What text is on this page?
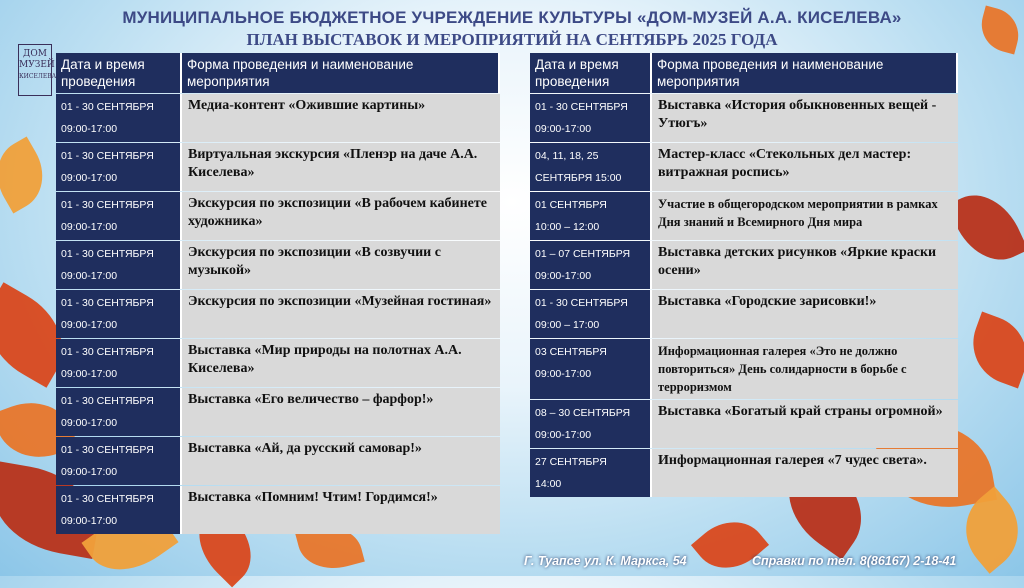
ДОМ
МУЗЕЙ
КИСЕЛЕВА
МУНИЦИПАЛЬНОЕ БЮДЖЕТНОЕ УЧРЕЖДЕНИЕ КУЛЬТУРЫ «ДОМ-МУЗЕЙ А.А. КИСЕЛЕВА»
ПЛАН ВЫСТАВОК И МЕРОПРИЯТИЙ НА СЕНТЯБРЬ 2025 ГОДА
Дата и время проведения	Форма проведения и наименование мероприятия

01 - 30 СЕНТЯБРЯ
09:00-17:00	Медиа-контент «Ожившие картины»

01 - 30 СЕНТЯБРЯ
09:00-17:00	Виртуальная экскурсия «Пленэр на даче А.А. Киселева»

01 - 30 СЕНТЯБРЯ
09:00-17:00	Экскурсия по экспозиции «В рабочем кабинете художника»

01 - 30 СЕНТЯБРЯ
09:00-17:00	Экскурсия по экспозиции «В созвучии с музыкой»

01 - 30 СЕНТЯБРЯ
09:00-17:00	Экскурсия по экспозиции «Музейная гостиная»

01 - 30 СЕНТЯБРЯ
09:00-17:00	Выставка «Мир природы на полотнах А.А. Киселева»

01 - 30 СЕНТЯБРЯ
09:00-17:00	Выставка «Его величество – фарфор!»

01 - 30 СЕНТЯБРЯ
09:00-17:00	Выставка «Ай, да русский самовар!»

01 - 30 СЕНТЯБРЯ
09:00-17:00	Выставка «Помним! Чтим! Гордимся!»
Дата и время проведения	Форма проведения и наименование мероприятия

01 - 30 СЕНТЯБРЯ
09:00-17:00	Выставка «История обыкновенных вещей - Утюгъ»

04, 11, 18, 25
СЕНТЯБРЯ 15:00	Мастер-класс «Стекольных дел мастер: витражная роспись»

01 СЕНТЯБРЯ
10:00 – 12:00	Участие в общегородском мероприятии в рамках Дня знаний и Всемирного Дня мира

01 – 07 СЕНТЯБРЯ
09:00-17:00	Выставка детских рисунков «Яркие краски осени»

01 - 30 СЕНТЯБРЯ
09:00 – 17:00	Выставка «Городские зарисовки!»

03 СЕНТЯБРЯ
09:00-17:00	Информационная галерея «Это не должно повториться» День солидарности в борьбе с терроризмом

08 – 30 СЕНТЯБРЯ
09:00-17:00	Выставка «Богатый край страны огромной»

27 СЕНТЯБРЯ
14:00	Информационная галерея «7 чудес света».
Г. Туапсе ул. К. Маркса, 54	Справки по тел. 8(86167) 2-18-41
